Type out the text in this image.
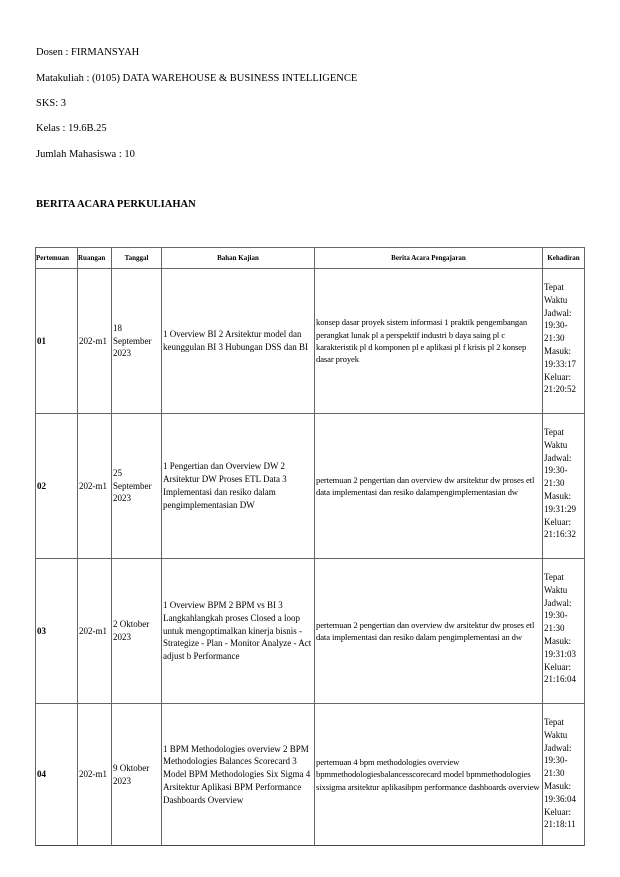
Dosen : FIRMANSYAH
Matakuliah : (0105) DATA WAREHOUSE & BUSINESS INTELLIGENCE
SKS: 3
Kelas : 19.6B.25
Jumlah Mahasiswa : 10
BERITA ACARA PERKULIAHAN
Pertemuan	Ruangan	Tanggal	Bahan Kajian	Berita Acara Pengajaran	Kehadiran
01	202-m1	18 September 2023	1 Overview BI 2 Arsitektur model dan keunggulan BI 3 Hubungan DSS dan BI	konsep dasar proyek sistem informasi 1 praktik pengembangan perangkat lunak pl a perspektif industri b daya saing pl c karakteristik pl d komponen pl e aplikasi pl f krisis pl 2 konsep dasar proyek	Tepat Waktu Jadwal: 19:30-21:30 Masuk: 19:33:17 Keluar: 21:20:52
02	202-m1	25 September 2023	1 Pengertian dan Overview DW 2 Arsitektur DW Proses ETL Data 3 Implementasi dan resiko dalam pengimplementasian DW	pertemuan 2 pengertian dan overview dw arsitektur dw proses etl data implementasi dan resiko dalampengimplementasian dw	Tepat Waktu Jadwal: 19:30-21:30 Masuk: 19:31:29 Keluar: 21:16:32
03	202-m1	2 Oktober 2023	1 Overview BPM 2 BPM vs BI 3 Langkahlangkah proses Closed a loop untuk mengoptimalkan kinerja bisnis - Strategize - Plan - Monitor Analyze - Act adjust b Performance	pertemuan 2 pengertian dan overview dw arsitektur dw proses etl data implementasi dan resiko dalam pengimplementasi an dw	Tepat Waktu Jadwal: 19:30-21:30 Masuk: 19:31:03 Keluar: 21:16:04
04	202-m1	9 Oktober 2023	1 BPM Methodologies overview 2 BPM Methodologies Balances Scorecard 3 Model BPM Methodologies Six Sigma 4 Arsitektur Aplikasi BPM Performance Dashboards Overview	pertemuan 4 bpm methodologies overview bpmmethodologiesbalancesscorecard model bpmmethodologies sixsigma arsitektur aplikasibpm performance dashboards overview	Tepat Waktu Jadwal: 19:30-21:30 Masuk: 19:36:04 Keluar: 21:18:11
